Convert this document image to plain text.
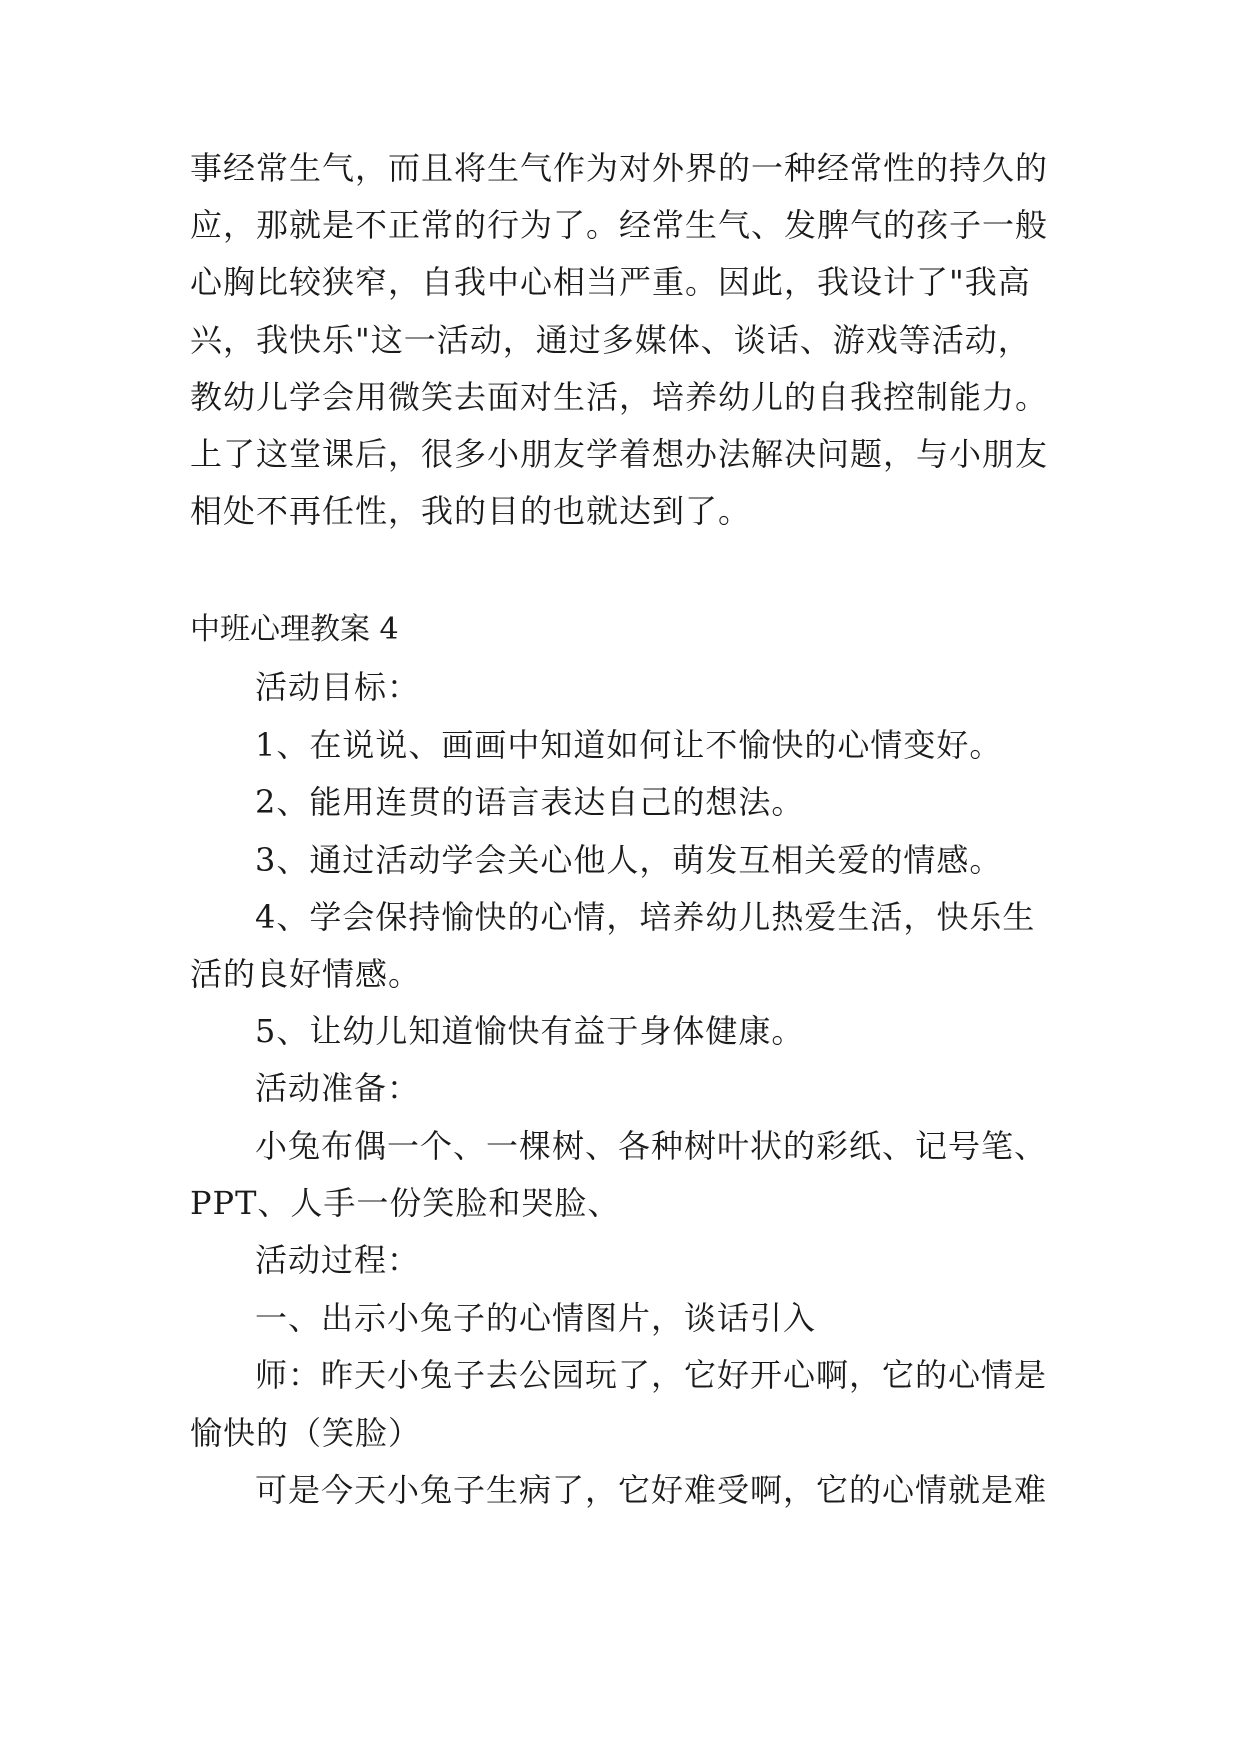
事经常生气，而且将生气作为对外界的一种经常性的持久的
应，那就是不正常的行为了。经常生气、发脾气的孩子一般
心胸比较狭窄，自我中心相当严重。因此，我设计了"我高
兴，我快乐"这一活动，通过多媒体、谈话、游戏等活动，
教幼儿学会用微笑去面对生活，培养幼儿的自我控制能力。
上了这堂课后，很多小朋友学着想办法解决问题，与小朋友
相处不再任性，我的目的也就达到了。
中班心理教案 4
活动目标：
1、在说说、画画中知道如何让不愉快的心情变好。
2、能用连贯的语言表达自己的想法。
3、通过活动学会关心他人，萌发互相关爱的情感。
4、学会保持愉快的心情，培养幼儿热爱生活，快乐生
活的良好情感。
5、让幼儿知道愉快有益于身体健康。
活动准备：
小兔布偶一个、一棵树、各种树叶状的彩纸、记号笔、
PPT、人手一份笑脸和哭脸、
活动过程：
一、出示小兔子的心情图片，谈话引入
师：昨天小兔子去公园玩了，它好开心啊，它的心情是
愉快的（笑脸）
可是今天小兔子生病了，它好难受啊，它的心情就是难
